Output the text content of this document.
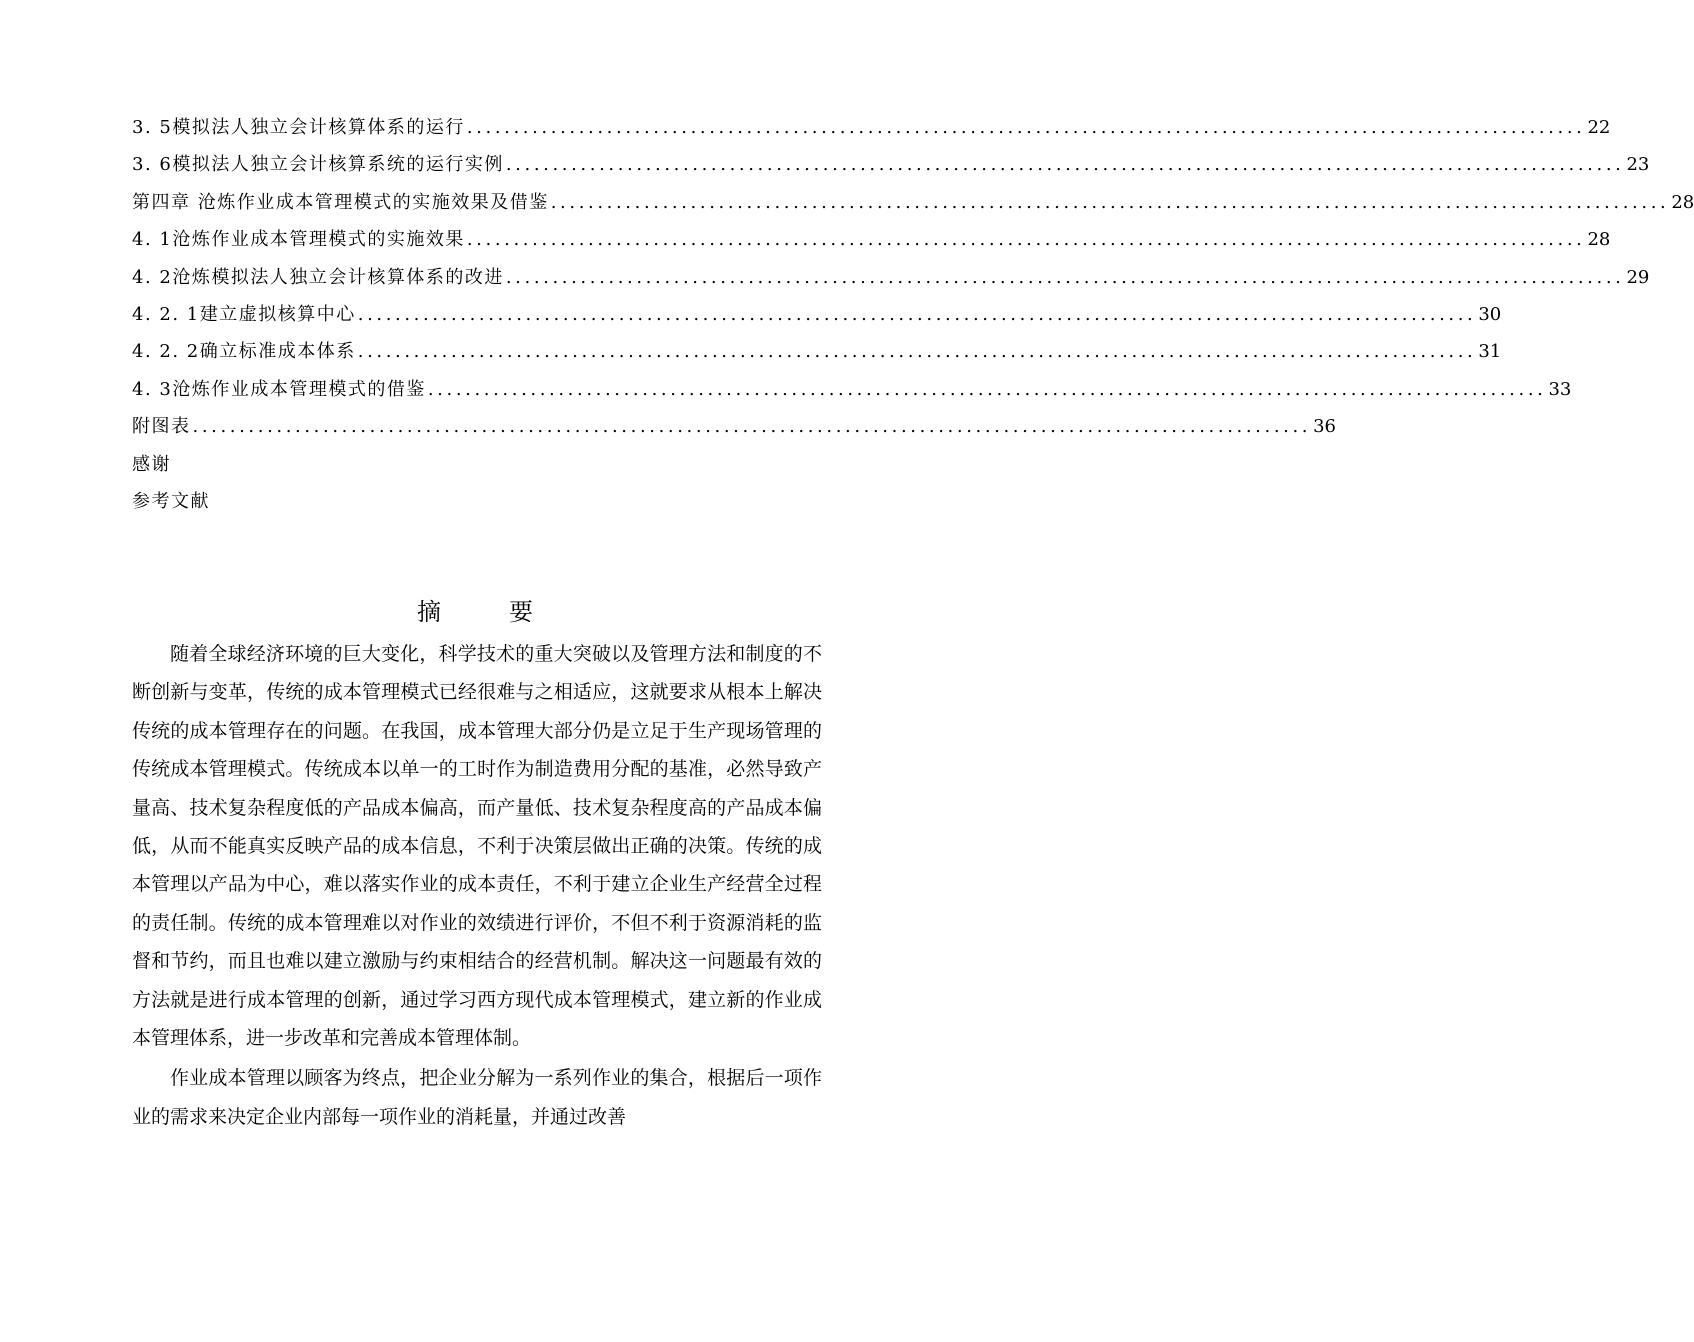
3. 5模拟法人独立会计核算体系的运行 ........................................................................................................................ 22
3. 6模拟法人独立会计核算系统的运行实例 ........................................................................................................................ 23
第四章 沧炼作业成本管理模式的实施效果及借鉴 ........................................................................................................................ 28
4. 1沧炼作业成本管理模式的实施效果 ........................................................................................................................ 28
4. 2沧炼模拟法人独立会计核算体系的改进 ........................................................................................................................ 29
4. 2. 1建立虚拟核算中心 ........................................................................................................................ 30
4. 2. 2确立标准成本体系 ........................................................................................................................ 31
4. 3沧炼作业成本管理模式的借鉴 ........................................................................................................................ 33
附图表 ........................................................................................................................ 36
感谢
参考文献
摘	要

随着全球经济环境的巨大变化，科学技术的重大突破以及管理方法和制度的不断创新与变革，传统的成本管理模式已经很难与之相适应，这就要求从根本上解决传统的成本管理存在的问题。在我国，成本管理大部分仍是立足于生产现场管理的传统成本管理模式。传统成本以单一的工时作为制造费用分配的基准，必然导致产量高、技术复杂程度低的产品成本偏高，而产量低、技术复杂程度高的产品成本偏低，从而不能真实反映产品的成本信息，不利于决策层做出正确的决策。传统的成本管理以产品为中心，难以落实作业的成本责任，不利于建立企业生产经营全过程的责任制。传统的成本管理难以对作业的效绩进行评价，不但不利于资源消耗的监督和节约，而且也难以建立激励与约束相结合的经营机制。解决这一问题最有效的方法就是进行成本管理的创新，通过学习西方现代成本管理模式，建立新的作业成本管理体系，进一步改革和完善成本管理体制。

作业成本管理以顾客为终点，把企业分解为一系列作业的集合，根据后一项作业的需求来决定企业内部每一项作业的消耗量，并通过改善
